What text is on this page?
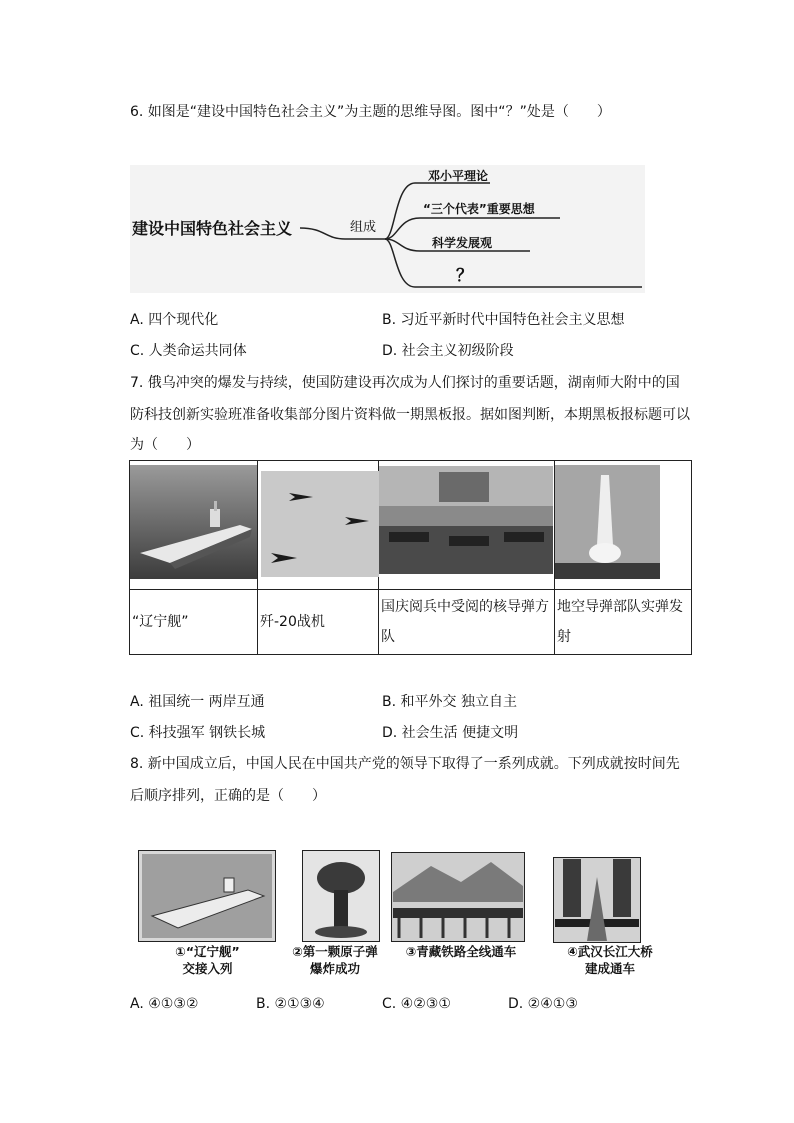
6. 如图是“建设中国特色社会主义”为主题的思维导图。图中“？”处是（　　）
建设中国特色社会主义	组成
邓小平理论
“三个代表”重要思想
科学发展观
？
A. 四个现代化	B. 习近平新时代中国特色社会主义思想
C. 人类命运共同体	D. 社会主义初级阶段
7. 俄乌冲突的爆发与持续，使国防建设再次成为人们探讨的重要话题，湖南师大附中的国
防科技创新实验班准备收集部分图片资料做一期黑板报。据如图判断，本期黑板报标题可以
为（　　）

“辽宁舰”	歼-20战机	国庆阅兵中受阅的核导弹方队	地空导弹部队实弹发射
A. 祖国统一 两岸互通	B. 和平外交 独立自主
C. 科技强军 钢铁长城	D. 社会生活 便捷文明
8. 新中国成立后，中国人民在中国共产党的领导下取得了一系列成就。下列成就按时间先
后顺序排列，正确的是（　　）
①“辽宁舰”
交接入列
②第一颗原子弹
爆炸成功
③青藏铁路全线通车	④武汉长江大桥
建成通车
A. ④①③②	B. ②①③④	C. ④②③①	D. ②④①③
